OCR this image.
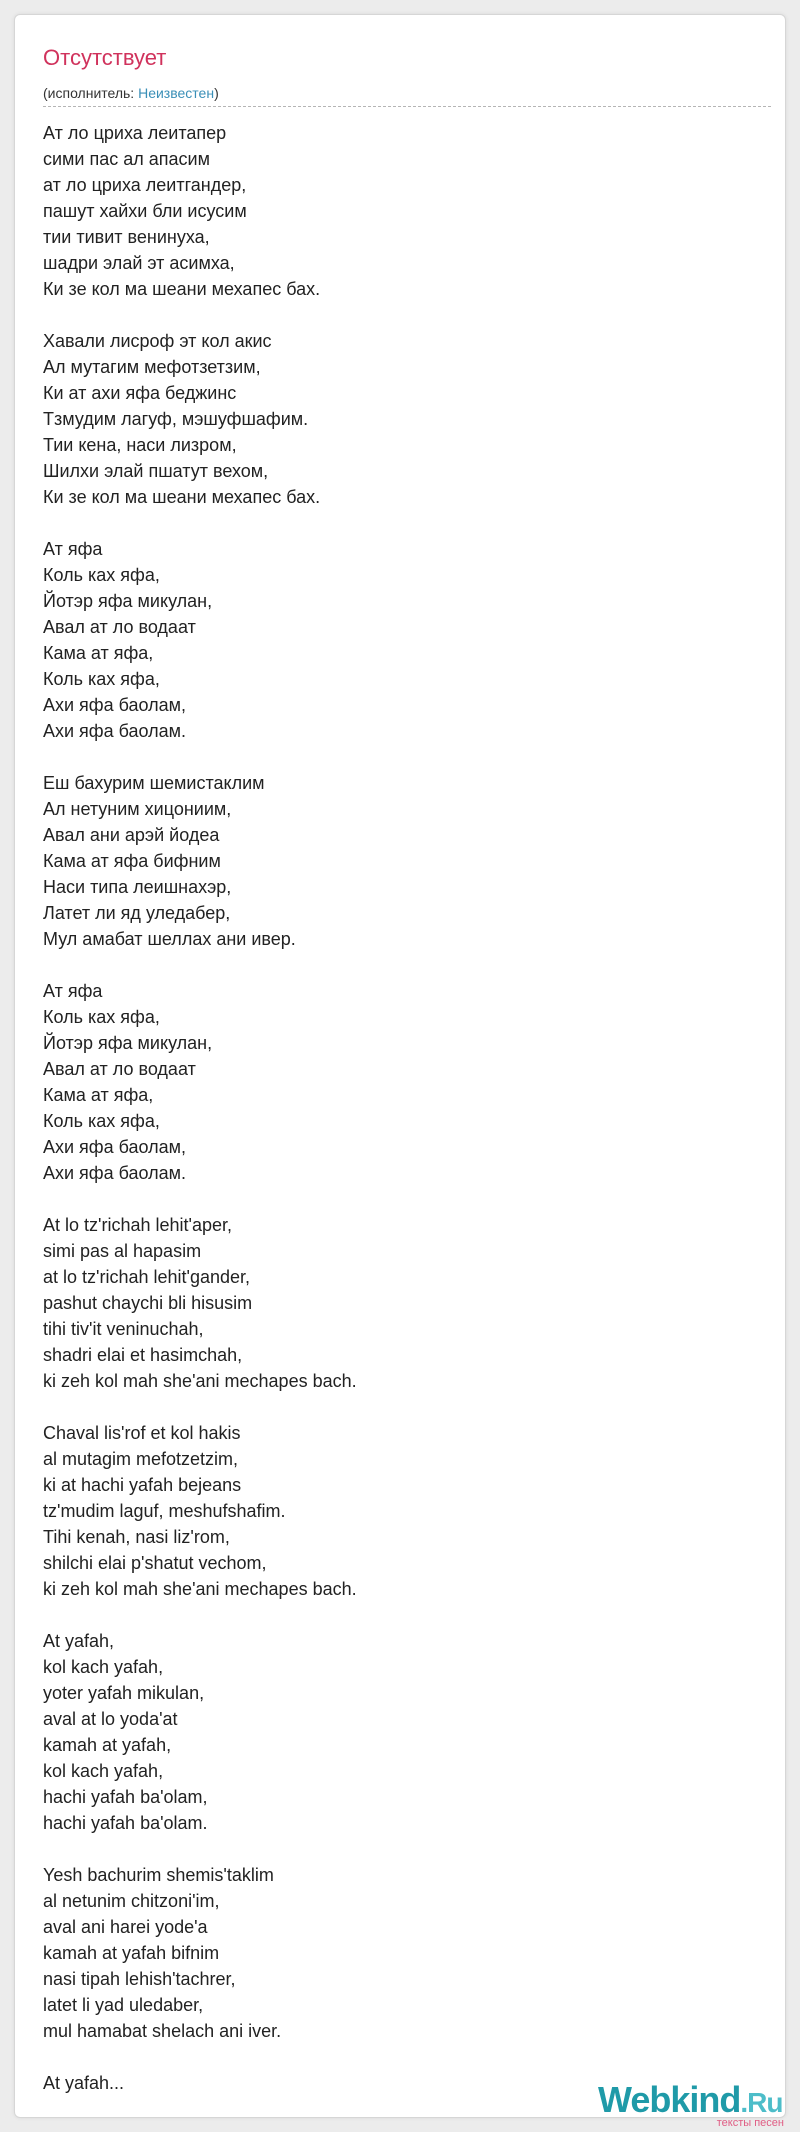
Отсутствует
(исполнитель: Неизвестен)
Ат ло цриха леитапер
сими пас ал апасим
ат ло цриха леитгандер,
пашут хайхи бли исусим
тии тивит венинуха,
шадри элай эт асимха,
Ки зе кол ма шеани мехапес бах.
Хавали лисроф эт кол акис
Ал мутагим мефотзетзим,
Ки ат ахи яфа беджинс
Тзмудим лагуф, мэшуфшафим.
Тии кена, наси лизром,
Шилхи элай пшатут вехом,
Ки зе кол ма шеани мехапес бах.
Ат яфа
Коль ках яфа,
Йотэр яфа микулан,
Авал ат ло водаат
Кама ат яфа,
Коль ках яфа,
Ахи яфа баолам,
Ахи яфа баолам.
Еш бахурим шемистаклим
Ал нетуним хицониим,
Авал ани арэй йодеа
Кама ат яфа бифним
Наси типа леишнахэр,
Латет ли яд уледабер,
Мул амабат шеллах ани ивер.
Ат яфа
Коль ках яфа,
Йотэр яфа микулан,
Авал ат ло водаат
Кама ат яфа,
Коль ках яфа,
Ахи яфа баолам,
Ахи яфа баолам.
At lo tz'richah lehit'aper,
simi pas al hapasim
at lo tz'richah lehit'gander,
pashut chaychi bli hisusim
tihi tiv'it veninuchah,
shadri elai et hasimchah,
ki zeh kol mah she'ani mechapes bach.
Chaval lis'rof et kol hakis
al mutagim mefotzetzim,
ki at hachi yafah bejeans
tz'mudim laguf, meshufshafim.
Tihi kenah, nasi liz'rom,
shilchi elai p'shatut vechom,
ki zeh kol mah she'ani mechapes bach.
At yafah,
kol kach yafah,
yoter yafah mikulan,
aval at lo yoda'at
kamah at yafah,
kol kach yafah,
hachi yafah ba'olam,
hachi yafah ba'olam.
Yesh bachurim shemis'taklim
al netunim chitzoni'im,
aval ani harei yode'a
kamah at yafah bifnim
nasi tipah lehish'tachrer,
latet li yad uledaber,
mul hamabat shelach ani iver.
At yafah...	Webkind.Ru
тексты песен
